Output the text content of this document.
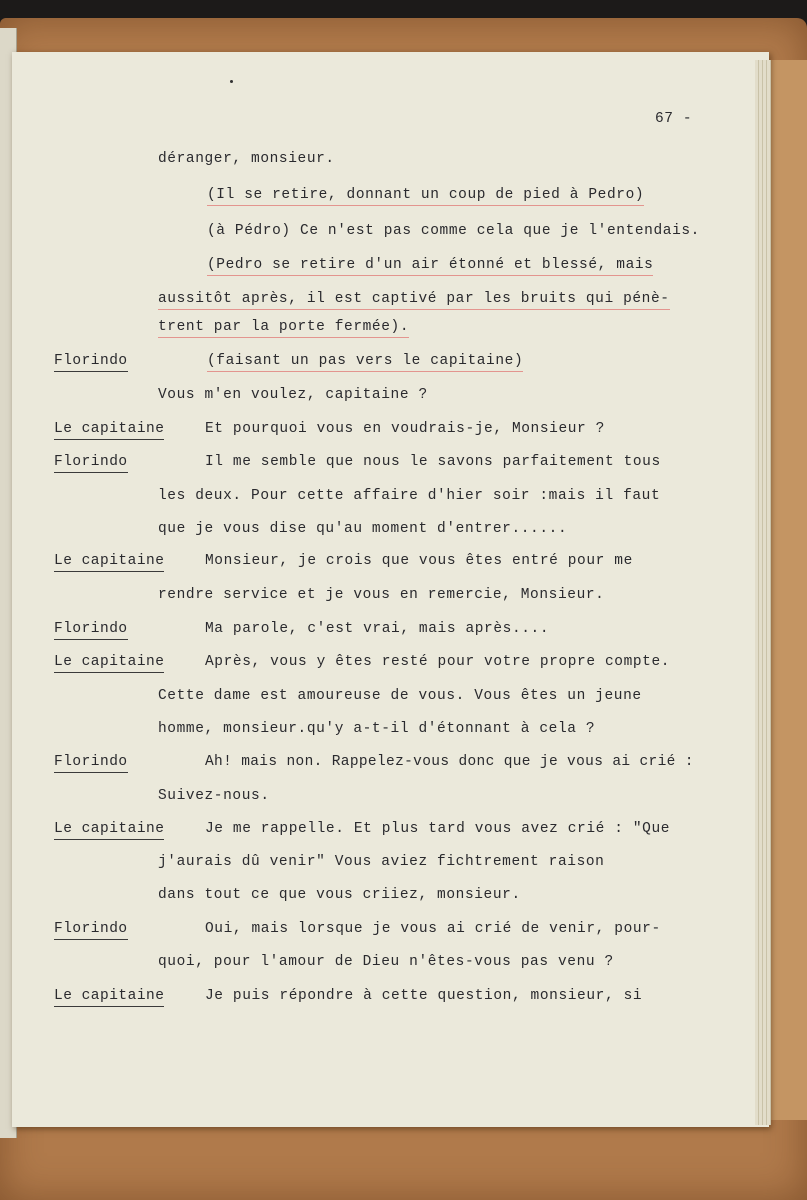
67 -
déranger, monsieur.
(Il se retire, donnant un coup de pied à Pedro)
(à Pédro) Ce n'est pas comme cela que je l'entendais.
(Pedro se retire d'un air étonné et blessé, mais
aussitôt après, il est captivé par les bruits qui pénè-
trent par la porte fermée).
Florindo	(faisant un pas vers le capitaine)
Vous m'en voulez, capitaine ?
Le capitaine	Et pourquoi vous en voudrais-je, Monsieur ?
Florindo	Il me semble que nous le savons parfaitement tous
les deux. Pour cette affaire d'hier soir :mais il faut
que je vous dise qu'au moment d'entrer......
Le capitaine	Monsieur, je crois que vous êtes entré pour me
rendre service et je vous en remercie, Monsieur.
Florindo	Ma parole, c'est vrai, mais après....
Le capitaine	Après, vous y êtes resté pour votre propre compte.
Cette dame est amoureuse de vous. Vous êtes un jeune
homme, monsieur.qu'y a-t-il d'étonnant à cela ?
Florindo	Ah! mais non. Rappelez-vous donc que je vous ai crié :
Suivez-nous.
Le capitaine	Je me rappelle. Et plus tard vous avez crié : "Que
j'aurais dû venir" Vous aviez fichtrement raison
dans tout ce que vous criiez, monsieur.
Florindo	Oui, mais lorsque je vous ai crié de venir, pour-
quoi, pour l'amour de Dieu n'êtes-vous pas venu ?
Le capitaine	Je puis répondre à cette question, monsieur, si
